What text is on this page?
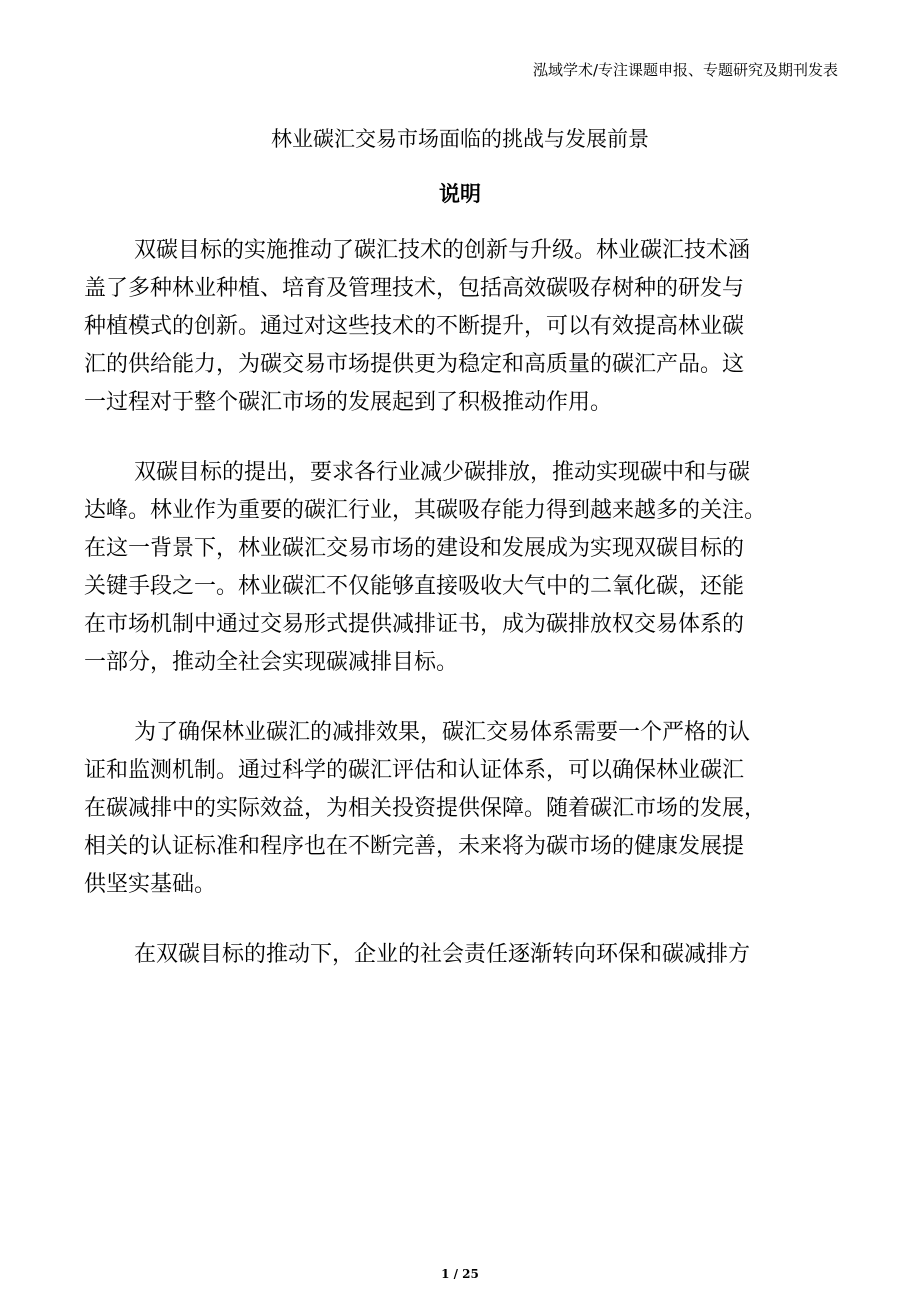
泓域学术/专注课题申报、专题研究及期刊发表

林业碳汇交易市场面临的挑战与发展前景
说明

双碳目标的实施推动了碳汇技术的创新与升级。林业碳汇技术涵
盖了多种林业种植、培育及管理技术，包括高效碳吸存树种的研发与
种植模式的创新。通过对这些技术的不断提升，可以有效提高林业碳
汇的供给能力，为碳交易市场提供更为稳定和高质量的碳汇产品。这
一过程对于整个碳汇市场的发展起到了积极推动作用。

双碳目标的提出，要求各行业减少碳排放，推动实现碳中和与碳
达峰。林业作为重要的碳汇行业，其碳吸存能力得到越来越多的关注。
在这一背景下，林业碳汇交易市场的建设和发展成为实现双碳目标的
关键手段之一。林业碳汇不仅能够直接吸收大气中的二氧化碳，还能
在市场机制中通过交易形式提供减排证书，成为碳排放权交易体系的
一部分，推动全社会实现碳减排目标。

为了确保林业碳汇的减排效果，碳汇交易体系需要一个严格的认
证和监测机制。通过科学的碳汇评估和认证体系，可以确保林业碳汇
在碳减排中的实际效益，为相关投资提供保障。随着碳汇市场的发展，
相关的认证标准和程序也在不断完善，未来将为碳市场的健康发展提
供坚实基础。

在双碳目标的推动下，企业的社会责任逐渐转向环保和碳减排方

1 / 25
